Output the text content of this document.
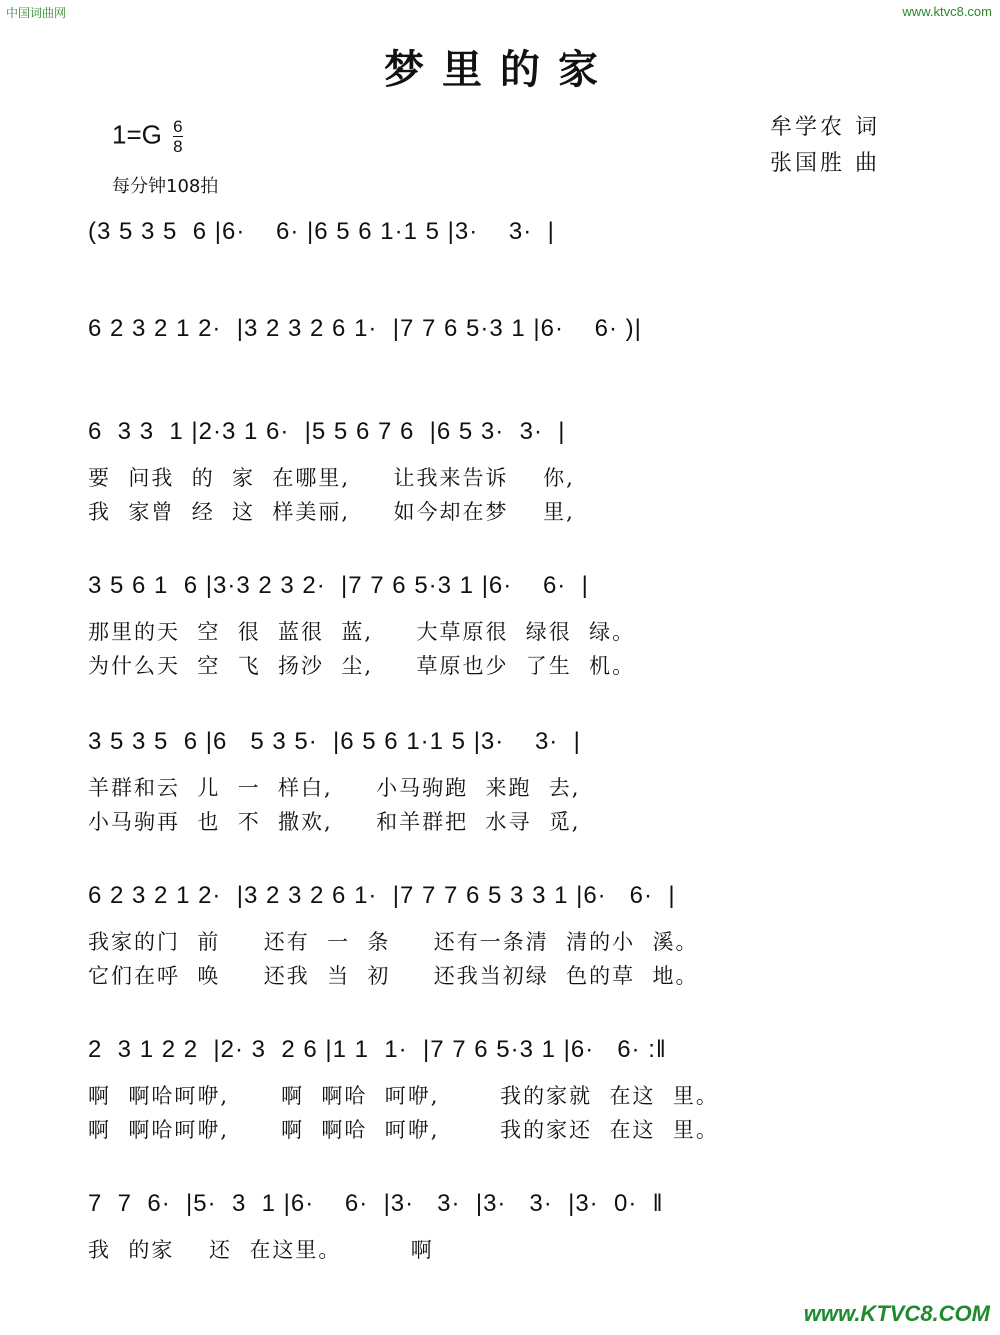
中国词曲网	www.ktvc8.com
梦里的家
$1=G \frac{6}{8}$
每分钟108拍
牟学农 词
张国胜 曲
(3 5 3 5  6 |6·    6· |6 5 6 1·1 5 |3·    3·  |
6 2 3 2 1 2·  |3 2 3 2 6 1·  |7 7 6 5·3 1 |6·    6· )|
6  3 3  1 |2·3 1 6·  |5 5 6 7 6  |6 5 3·  3·  |
要  问我  的  家  在哪里,     让我来告诉    你,
我  家曾  经  这  样美丽,     如今却在梦    里,
3 5 6 1  6 |3·3 2 3 2·  |7 7 6 5·3 1 |6·    6·  |
那里的天  空  很  蓝很  蓝,     大草原很  绿很  绿。
为什么天  空  飞  扬沙  尘,     草原也少  了生  机。
3 5 3 5  6 |6   5 3 5·  |6 5 6 1·1 5 |3·    3·  |
羊群和云  儿  一  样白,     小马驹跑  来跑  去,
小马驹再  也  不  撒欢,     和羊群把  水寻  觅,
6 2 3 2 1 2·  |3 2 3 2 6 1·  |7 7 7 6 5 3 3 1 |6·   6·  |
我家的门  前     还有  一  条     还有一条清  清的小  溪。
它们在呼  唤     还我  当  初     还我当初绿  色的草  地。
2  3 1 2 2  |2· 3  2 6 |1 1  1·  |7 7 6 5·3 1 |6·   6· :‖
啊  啊哈呵咿,      啊  啊哈  呵咿,       我的家就  在这  里。
啊  啊哈呵咿,      啊  啊哈  呵咿,       我的家还  在这  里。
7  7  6·  |5·  3  1 |6·    6·  |3·   3·  |3·   3·  |3·  0·  ‖
我  的家    还  在这里。        啊
www.KTVC8.COM
